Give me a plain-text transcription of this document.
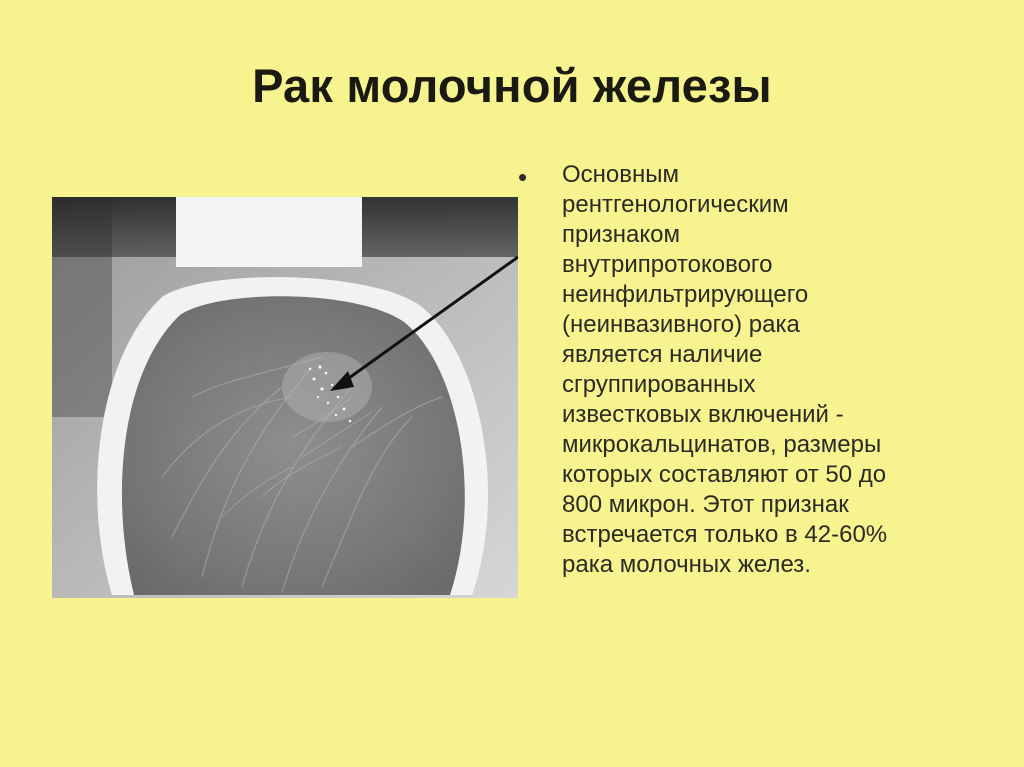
Рак молочной железы
• Основным
рентгенологическим
признаком
внутрипротокового
неинфильтрирующего
(неинвазивного) рака
является наличие
сгруппированных
известковых включений -
микрокальцинатов, размеры
которых составляют от 50 до
800 микрон. Этот признак
встречается только в 42-60%
рака молочных желез.
